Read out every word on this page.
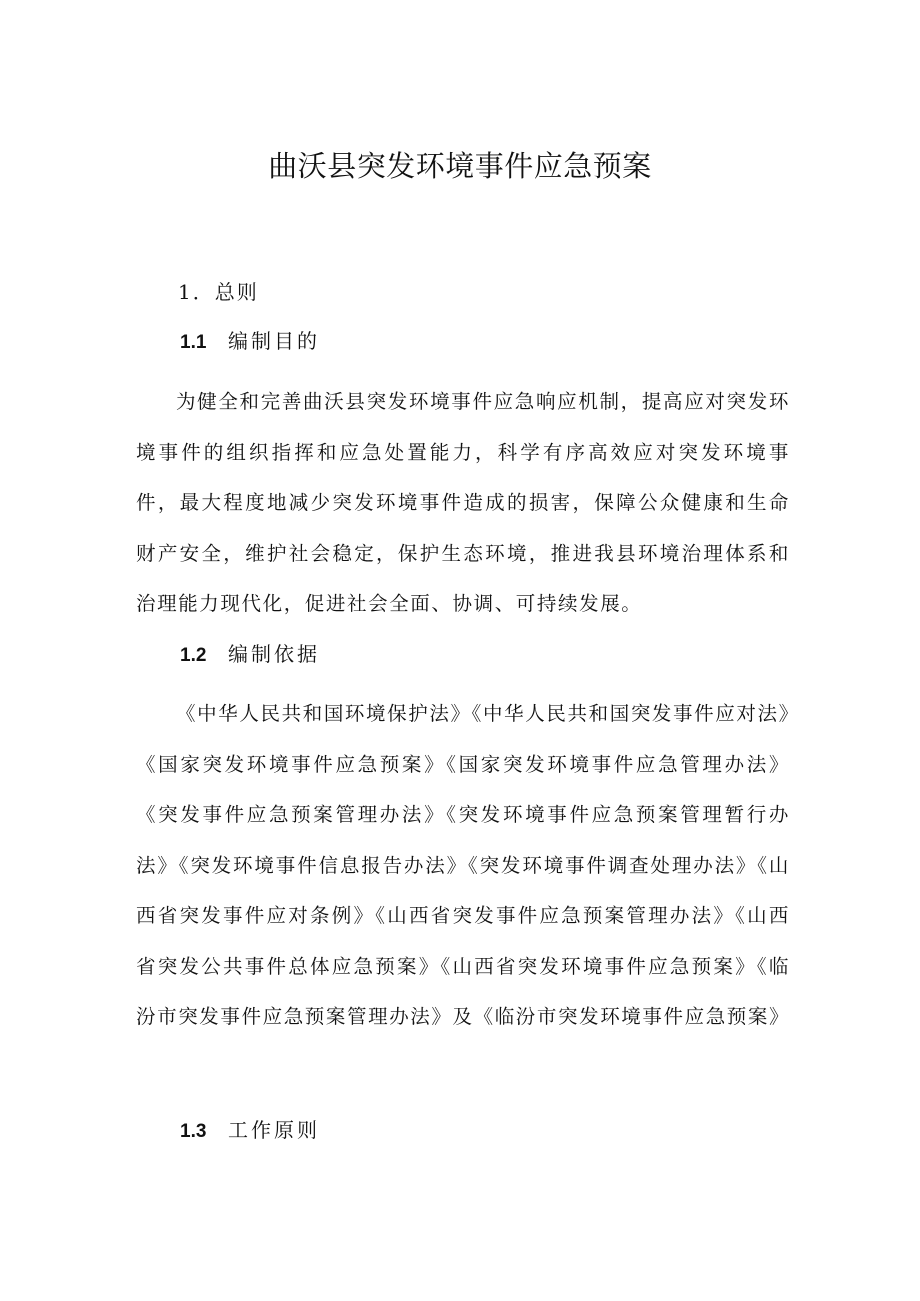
曲沃县突发环境事件应急预案
1．总则
1.1 编制目的
为健全和完善曲沃县突发环境事件应急响应机制，提高应对突发环境事件的组织指挥和应急处置能力，科学有序高效应对突发环境事件，最大程度地减少突发环境事件造成的损害，保障公众健康和生命财产安全，维护社会稳定，保护生态环境，推进我县环境治理体系和治理能力现代化，促进社会全面、协调、可持续发展。
1.2 编制依据
《中华人民共和国环境保护法》《中华人民共和国突发事件应对法》《国家突发环境事件应急预案》《国家突发环境事件应急管理办法》《突发事件应急预案管理办法》《突发环境事件应急预案管理暂行办法》《突发环境事件信息报告办法》《突发环境事件调查处理办法》《山西省突发事件应对条例》《山西省突发事件应急预案管理办法》《山西省突发公共事件总体应急预案》《山西省突发环境事件应急预案》《临汾市突发事件应急预案管理办法》及《临汾市突发环境事件应急预案》
1.3 工作原则
